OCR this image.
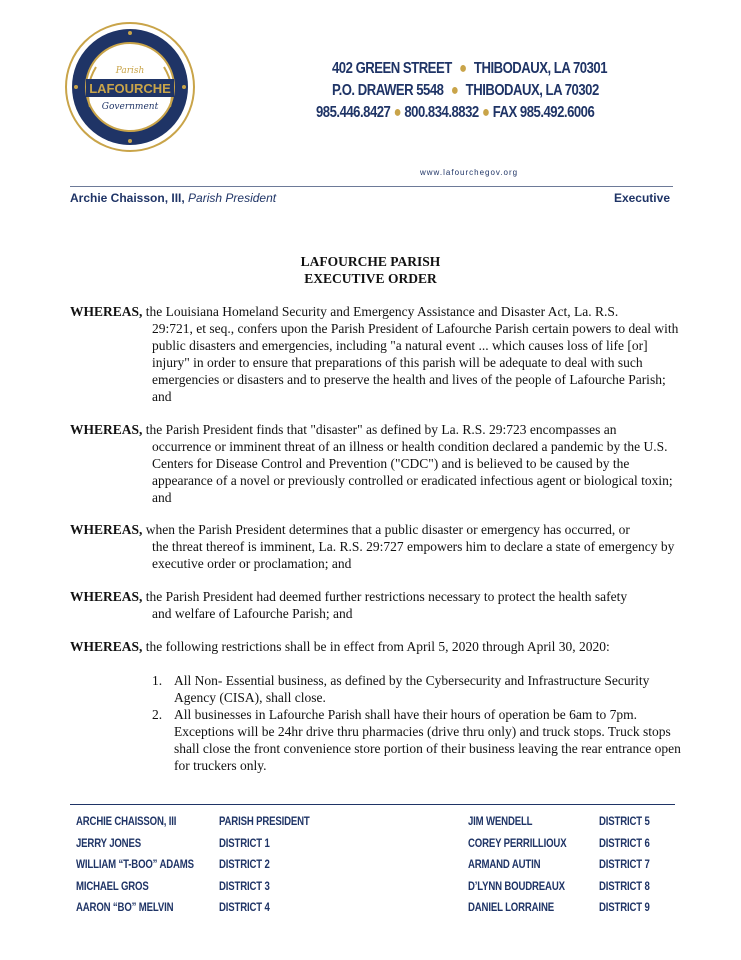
Parish
LAFOURCHE
Government
402 GREEN STREET ● THIBODAUX, LA 70301
P.O. DRAWER 5548 ● THIBODAUX, LA 70302
985.446.8427 ● 800.834.8832 ● FAX 985.492.6006
www.lafourchegov.org
Archie Chaisson, III, Parish President	Executive
LAFOURCHE PARISH
EXECUTIVE ORDER
WHEREAS, the Louisiana Homeland Security and Emergency Assistance and Disaster Act, La. R.S.
29:721, et seq., confers upon the Parish President of Lafourche Parish certain powers to deal with public disasters and emergencies, including "a natural event ... which causes loss of life [or] injury" in order to ensure that preparations of this parish will be adequate to deal with such emergencies or disasters and to preserve the health and lives of the people of Lafourche Parish; and
WHEREAS, the Parish President finds that "disaster" as defined by La. R.S. 29:723 encompasses an
occurrence or imminent threat of an illness or health condition declared a pandemic by the U.S. Centers for Disease Control and Prevention ("CDC") and is believed to be caused by the appearance of a novel or previously controlled or eradicated infectious agent or biological toxin; and
WHEREAS, when the Parish President determines that a public disaster or emergency has occurred, or
the threat thereof is imminent, La. R.S. 29:727 empowers him to declare a state of emergency by executive order or proclamation; and
WHEREAS, the Parish President had deemed further restrictions necessary to protect the health safety
and welfare of Lafourche Parish; and
WHEREAS, the following restrictions shall be in effect from April 5, 2020 through April 30, 2020:
1. All Non- Essential business, as defined by the Cybersecurity and Infrastructure Security Agency (CISA), shall close.
2. All businesses in Lafourche Parish shall have their hours of operation be 6am to 7pm. Exceptions will be 24hr drive thru pharmacies (drive thru only) and truck stops. Truck stops shall close the front convenience store portion of their business leaving the rear entrance open for truckers only.
ARCHIE CHAISSON, III	PARISH PRESIDENT
JERRY JONES	DISTRICT 1
WILLIAM “T-BOO” ADAMS DISTRICT 2
MICHAEL GROS	DISTRICT 3
AARON “BO” MELVIN	DISTRICT 4
JIM WENDELL	DISTRICT 5
COREY PERRILLIOUX	DISTRICT 6
ARMAND AUTIN	DISTRICT 7
D’LYNN BOUDREAUX	DISTRICT 8
DANIEL LORRAINE	DISTRICT 9
